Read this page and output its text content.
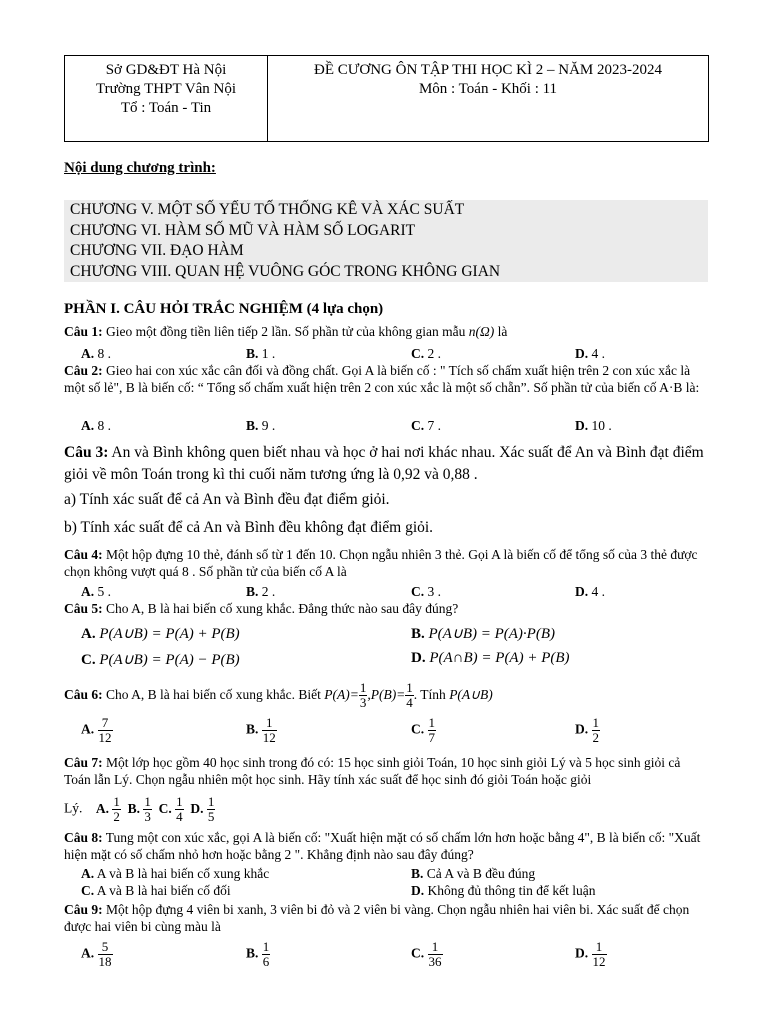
Sở GD&ĐT Hà Nội
Trường THPT Vân Nội
Tổ : Toán - Tin
ĐỀ CƯƠNG ÔN TẬP THI HỌC KÌ 2 – NĂM 2023-2024
Môn : Toán - Khối : 11
Nội dung chương trình:
CHƯƠNG V. MỘT SỐ YẾU TỐ THỐNG KÊ VÀ XÁC SUẤT
CHƯƠNG VI. HÀM SỐ MŨ VÀ HÀM SỐ LOGARIT
CHƯƠNG VII. ĐẠO HÀM
CHƯƠNG VIII. QUAN HỆ VUÔNG GÓC TRONG KHÔNG GIAN
PHẦN I. CÂU HỎI TRẮC NGHIỆM (4 lựa chọn)
Câu 1: Gieo một đồng tiền liên tiếp 2 lần. Số phần tử của không gian mẫu n(Ω) là
A. 8 .	B. 1 .	C. 2 .	D. 4 .
Câu 2: Gieo hai con xúc xắc cân đối và đồng chất. Gọi A là biến cố : " Tích số chấm xuất hiện trên 2 con xúc xắc là một số lẻ", B là biến cố: “ Tổng số chấm xuất hiện trên 2 con xúc xắc là một số chẵn”. Số phần tử của biến cố A·B là:
A. 8 .	B. 9 .	C. 7 .	D. 10 .
Câu 3: An và Bình không quen biết nhau và học ở hai nơi khác nhau. Xác suất để An và Bình đạt điểm giỏi về môn Toán trong kì thi cuối năm tương ứng là 0,92 và 0,88 .
a) Tính xác suất để cả An và Bình đều đạt điểm giỏi.
b) Tính xác suất để cả An và Bình đều không đạt điểm giỏi.
Câu 4: Một hộp đựng 10 thẻ, đánh số từ 1 đến 10. Chọn ngẫu nhiên 3 thẻ. Gọi A là biến cố để tổng số của 3 thẻ được chọn không vượt quá 8 . Số phần tử của biến cố A là
A. 5 .	B. 2 .	C. 3 .	D. 4 .
Câu 5: Cho A, B là hai biến cố xung khắc. Đẳng thức nào sau đây đúng?
A. P(A∪B) = P(A) + P(B)	B. P(A∪B) = P(A)·P(B)
C. P(A∪B) = P(A) − P(B)	D. P(A∩B) = P(A) + P(B)
Câu 6: Cho A, B là hai biến cố xung khắc. Biết $P(A)= \frac{1}{3} ,P(B)= \frac{1}{4}$ . Tính P(A∪B)
A. $\frac{7}{12}$	B. $\frac{1}{12}$	C. $\frac{1}{7}$	D. $\frac{1}{2}$
Câu 7: Một lớp học gồm 40 học sinh trong đó có: 15 học sinh giỏi Toán, 10 học sinh giỏi Lý và 5 học sinh giỏi cả Toán lẫn Lý. Chọn ngẫu nhiên một học sinh. Hãy tính xác suất để học sinh đó giỏi Toán hoặc giỏi
Lý. A. $\frac{1}{2} B$. $\frac{1}{3} C$. $\frac{1}{4} D$. $\frac{1}{5}$
Câu 8: Tung một con xúc xắc, gọi A là biến cố: "Xuất hiện mặt có số chấm lớn hơn hoặc bằng 4", B là biến cố: "Xuất hiện mặt có số chấm nhỏ hơn hoặc bằng 2 ". Khẳng định nào sau đây đúng?
A. A và B là hai biến cố xung khắc	B. Cả A và B đều đúng
C. A và B là hai biến cố đối	D. Không đủ thông tin để kết luận
Câu 9: Một hộp đựng 4 viên bi xanh, 3 viên bi đỏ và 2 viên bi vàng. Chọn ngẫu nhiên hai viên bi. Xác suất để chọn được hai viên bi cùng màu là
A. $\frac{5}{18}$	B. $\frac{1}{6}$	C. $\frac{1}{36}$	D. $\frac{1}{12}$
